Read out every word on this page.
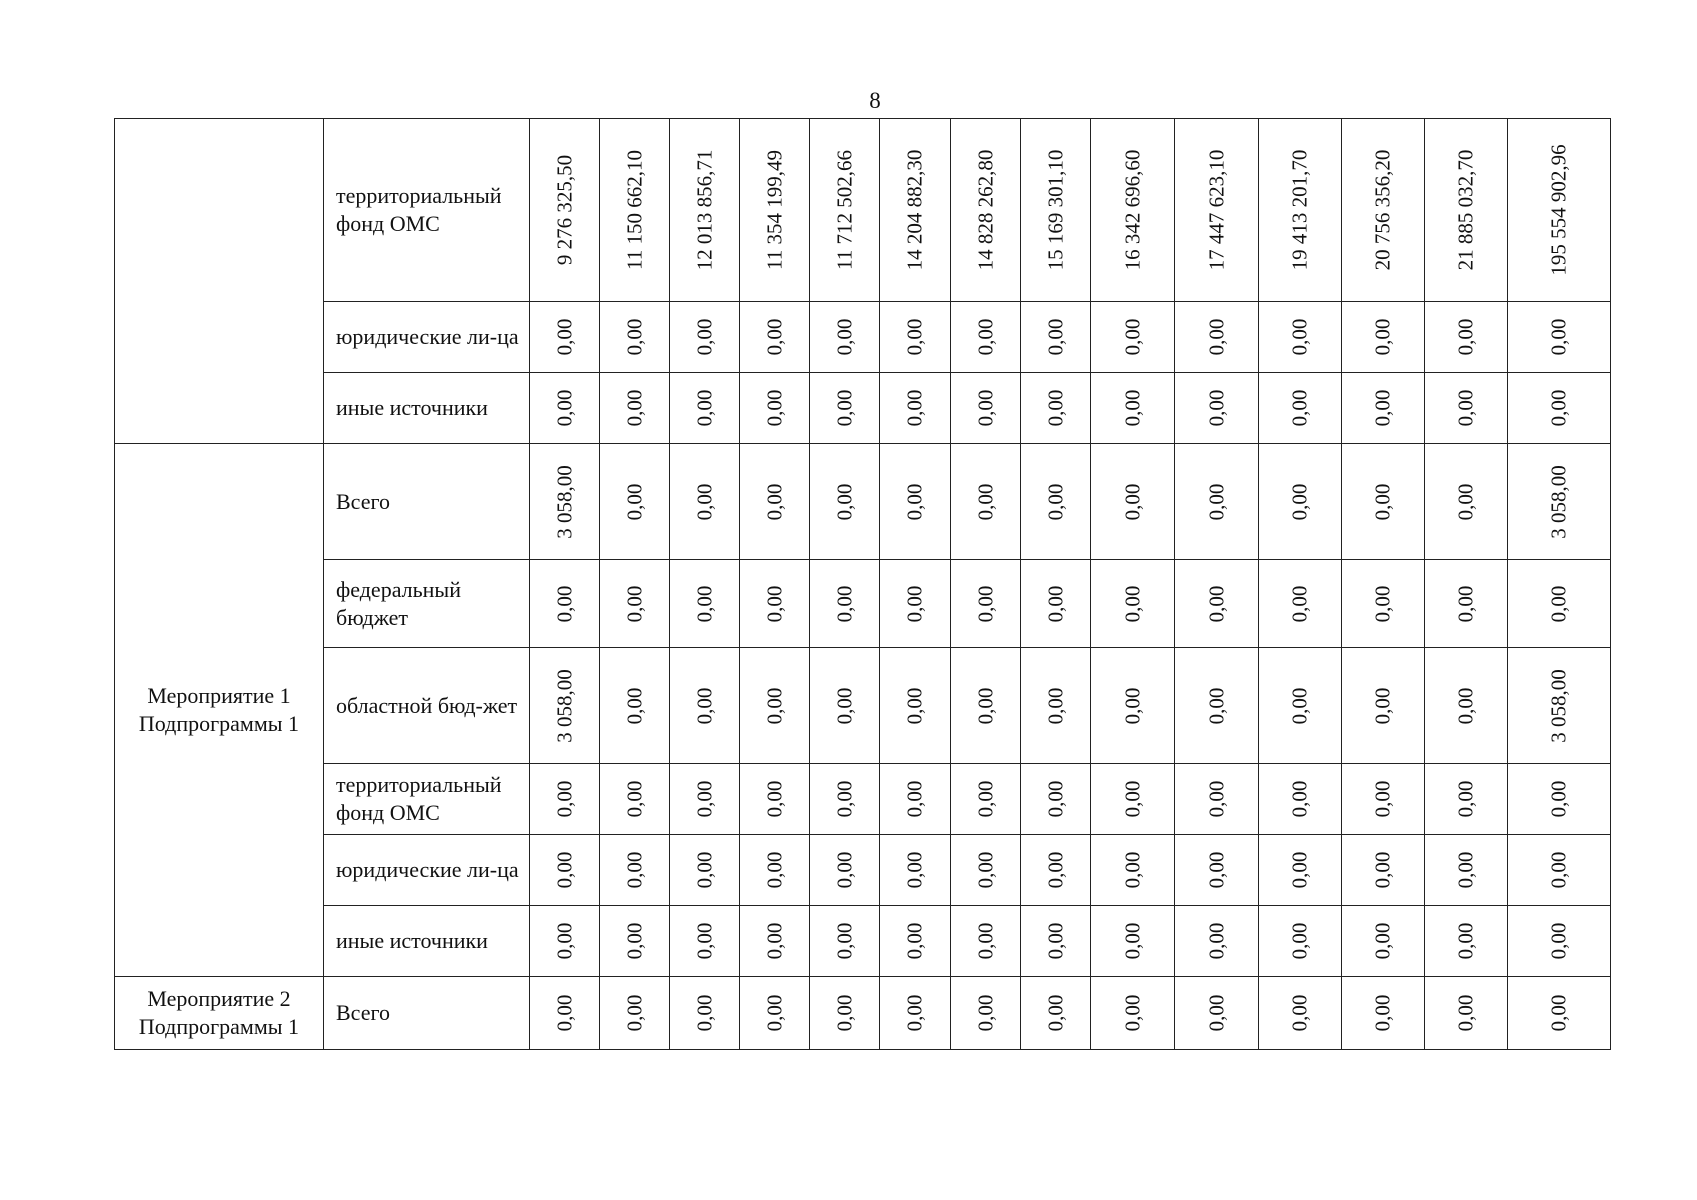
8
	территориальный фонд ОМС	9 276 325,50	11 150 662,10	12 013 856,71	11 354 199,49	11 712 502,66	14 204 882,30	14 828 262,80	15 169 301,10	16 342 696,60	17 447 623,10	19 413 201,70	20 756 356,20	21 885 032,70	195 554 902,96

	юридические ли-ца	0,00	0,00	0,00	0,00	0,00	0,00	0,00	0,00	0,00	0,00	0,00	0,00	0,00	0,00

	иные источники	0,00	0,00	0,00	0,00	0,00	0,00	0,00	0,00	0,00	0,00	0,00	0,00	0,00	0,00

Мероприятие 1 Подпрограммы 1	Всего	3 058,00	0,00	0,00	0,00	0,00	0,00	0,00	0,00	0,00	0,00	0,00	0,00	0,00	3 058,00

	федеральный бюджет	0,00	0,00	0,00	0,00	0,00	0,00	0,00	0,00	0,00	0,00	0,00	0,00	0,00	0,00

	областной бюд-жет	3 058,00	0,00	0,00	0,00	0,00	0,00	0,00	0,00	0,00	0,00	0,00	0,00	0,00	3 058,00

	территориальный фонд ОМС	0,00	0,00	0,00	0,00	0,00	0,00	0,00	0,00	0,00	0,00	0,00	0,00	0,00	0,00

	юридические ли-ца	0,00	0,00	0,00	0,00	0,00	0,00	0,00	0,00	0,00	0,00	0,00	0,00	0,00	0,00

	иные источники	0,00	0,00	0,00	0,00	0,00	0,00	0,00	0,00	0,00	0,00	0,00	0,00	0,00	0,00

Мероприятие 2 Подпрограммы 1	Всего	0,00	0,00	0,00	0,00	0,00	0,00	0,00	0,00	0,00	0,00	0,00	0,00	0,00	0,00
